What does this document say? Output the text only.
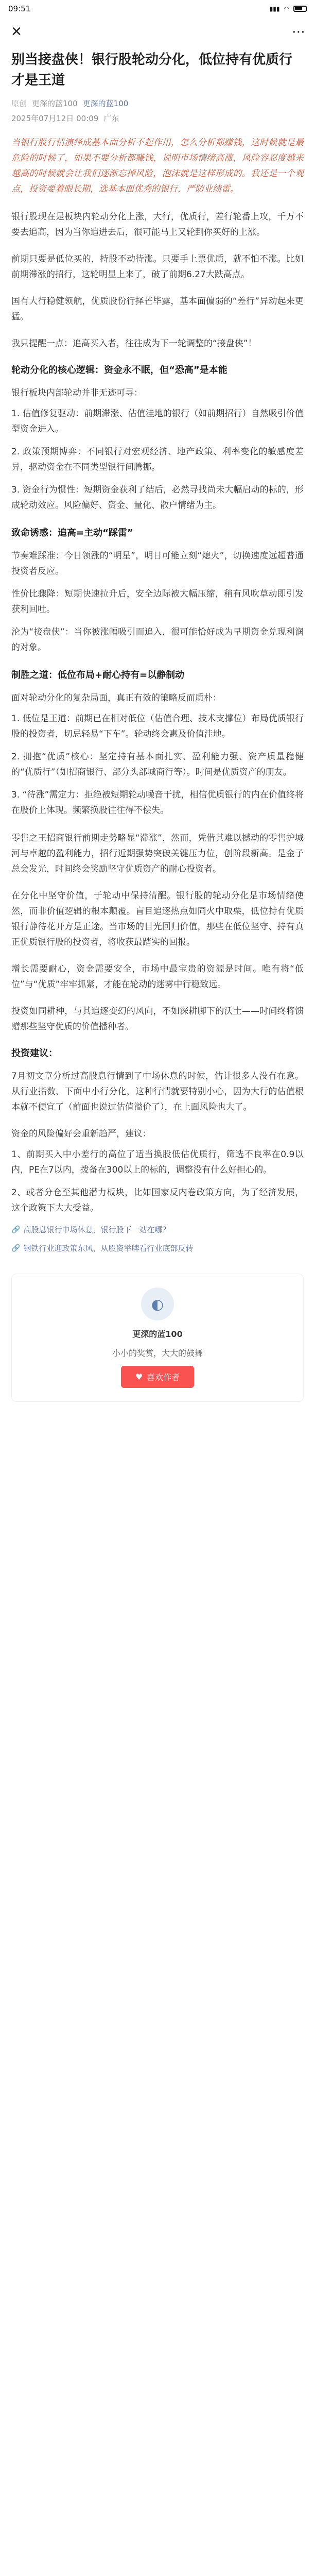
09:51	▮▮▮ ◠
✕	⋯
别当接盘侠！银行股轮动分化，低位持有优质行才是王道
原创 更深的蓝100 更深的蓝100
2025年07月12日 00:09 广东

当银行股行情演绎成基本面分析不起作用，怎么分析都赚钱，这时候就是最危险的时候了，如果不要分析都赚钱，说明市场情绪高涨，风险容忍度越来越高的时候就会让我们逐渐忘掉风险，泡沫就是这样形成的。我还是一个观点，投资要着眼长期，选基本面优秀的银行，严防业绩雷。

银行股现在是板块内轮动分化上涨，大行，优质行，差行轮番上攻，千万不要去追高，因为当你追进去后，很可能马上又轮到你买好的上涨。

前期只要是低位买的，持股不动待涨。只要手上票优质，就不怕不涨。比如前期滞涨的招行，这轮明显上来了，破了前期6.27大跌高点。

国有大行稳健领航，优质股份行择芒毕露，基本面偏弱的“差行”异动起来更猛。

我只提醒一点：追高买入者，往往成为下一轮调整的“接盘侠”！

轮动分化的核心逻辑：资金永不眠，但“恐高”是本能

银行板块内部轮动并非无迹可寻：

1. 估值修复驱动：前期滞涨、估值洼地的银行（如前期招行）自然吸引价值型资金进入。

2. 政策预期博弈：不同银行对宏观经济、地产政策、利率变化的敏感度差异，驱动资金在不同类型银行间腾挪。

3. 资金行为惯性：短期资金获利了结后，必然寻找尚未大幅启动的标的，形成轮动效应。风险偏好、资金、量化、散户情绪为主。

致命诱惑：追高=主动“踩雷”

节奏难踩准：今日领涨的“明星”，明日可能立刻“熄火”，切换速度远超普通投资者反应。

性价比骤降：短期快速拉升后，安全边际被大幅压缩，稍有风吹草动即引发获利回吐。

沦为“接盘侠”：当你被涨幅吸引而追入，很可能恰好成为早期资金兑现利润的对象。

制胜之道：低位布局+耐心持有=以静制动

面对轮动分化的复杂局面，真正有效的策略反而质朴：

1. 低位是王道：前期已在相对低位（估值合理、技术支撑位）布局优质银行股的投资者，切忌轻易“下车”。轮动终会惠及价值洼地。

2. 拥抱“优质”核心：坚定持有基本面扎实、盈利能力强、资产质量稳健的“优质行”（如招商银行、部分头部城商行等）。时间是优质资产的朋友。

3. “待涨”需定力：拒绝被短期轮动噪音干扰，相信优质银行的内在价值终将在股价上体现。频繁换股往往得不偿失。

零售之王招商银行前期走势略显“滞涨”，然而，凭借其难以撼动的零售护城河与卓越的盈利能力，招行近期强势突破关键压力位，创阶段新高。是金子总会发光，时间终会奖励坚守优质资产的耐心投资者。

在分化中坚守价值，于轮动中保持清醒。银行股的轮动分化是市场情绪使然，而非价值逻辑的根本颠覆。盲目追逐热点如同火中取栗，低位持有优质银行静待花开方是正途。当市场的目光回归价值，那些在低位坚守、持有真正优质银行股的投资者，将收获最踏实的回报。

增长需要耐心，资金需要安全，市场中最宝贵的资源是时间。唯有将“低位”与“优质”牢牢抓紧，才能在轮动的迷雾中行稳致远。

投资如同耕种，与其追逐变幻的风向，不如深耕脚下的沃土——时间终将馈赠那些坚守优质的价值播种者。

投资建议：

7月初文章分析过高股息行情到了中场休息的时候，估计很多人没有在意。从行业指数、下面中小行分化，这种行情就要特别小心，因为大行的估值根本就不便宜了（前面也说过估值溢价了），在上面风险也大了。

资金的风险偏好会重新趋严，建议：

1、前期买入中小差行的高位了适当换股低估优质行，筛选不良率在0.9以内，PE在7以内，拨备在300以上的标的，调整没有什么好担心的。

2、或者分仓至其他潜力板块，比如国家反内卷政策方向，为了经济发展，这个政策下大大受益。

🔗 高股息银行中场休息，银行股下一站在哪？
🔗 钢铁行业迎政策东风，从股资举牌看行业底部反转
◐
更深的蓝100
小小的奖赏，大大的鼓舞
♥ 喜欢作者
